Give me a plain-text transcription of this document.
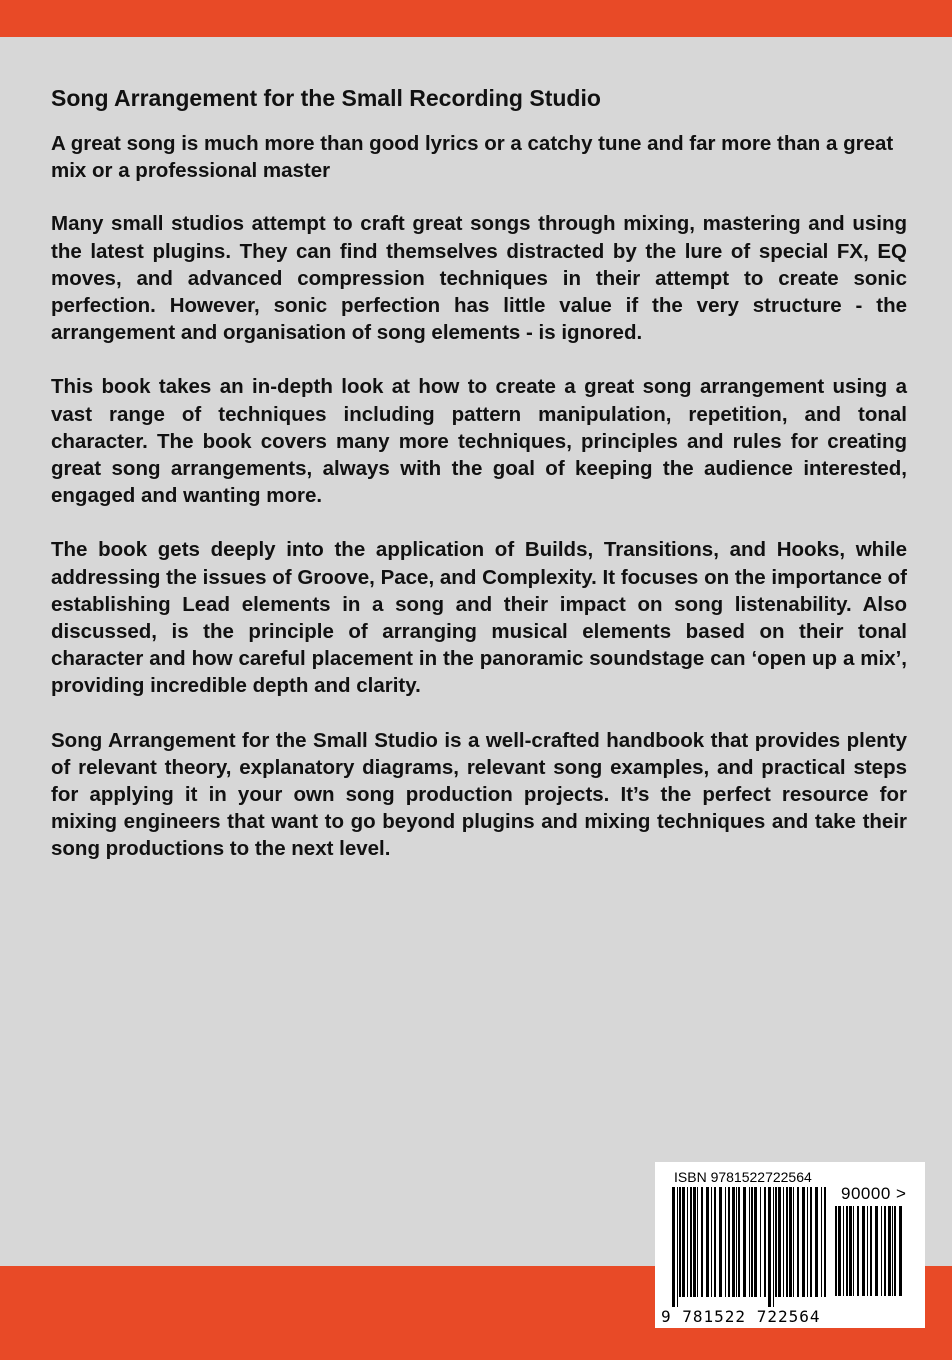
Song Arrangement for the Small Recording Studio

A great song is much more than good lyrics or a catchy tune and far more than a great mix or a professional master

Many small studios attempt to craft great songs through mixing, mastering and using the latest plugins. They can find themselves distracted by the lure of special FX, EQ moves, and advanced compression techniques in their attempt to create sonic perfection. However, sonic perfection has little value if the very structure - the arrangement and organisation of song elements - is ignored.

This book takes an in-depth look at how to create a great song arrangement using a vast range of techniques including pattern manipulation, repetition, and tonal character. The book covers many more techniques, principles and rules for creating great song arrangements, always with the goal of keeping the audience interested, engaged and wanting more.

The book gets deeply into the application of Builds, Transitions, and Hooks, while addressing the issues of Groove, Pace, and Complexity. It focuses on the importance of establishing Lead elements in a song and their impact on song listenability. Also discussed, is the principle of arranging musical elements based on their tonal character and how careful placement in the panoramic soundstage can ‘open up a mix’, providing incredible depth and clarity.

Song Arrangement for the Small Studio is a well-crafted handbook that provides plenty of relevant theory, explanatory diagrams, relevant song examples, and practical steps for applying it in your own song production projects. It’s the perfect resource for mixing engineers that want to go beyond plugins and mixing techniques and take their song productions to the next level.

ISBN 9781522722564
90000 >
9 781522 722564
